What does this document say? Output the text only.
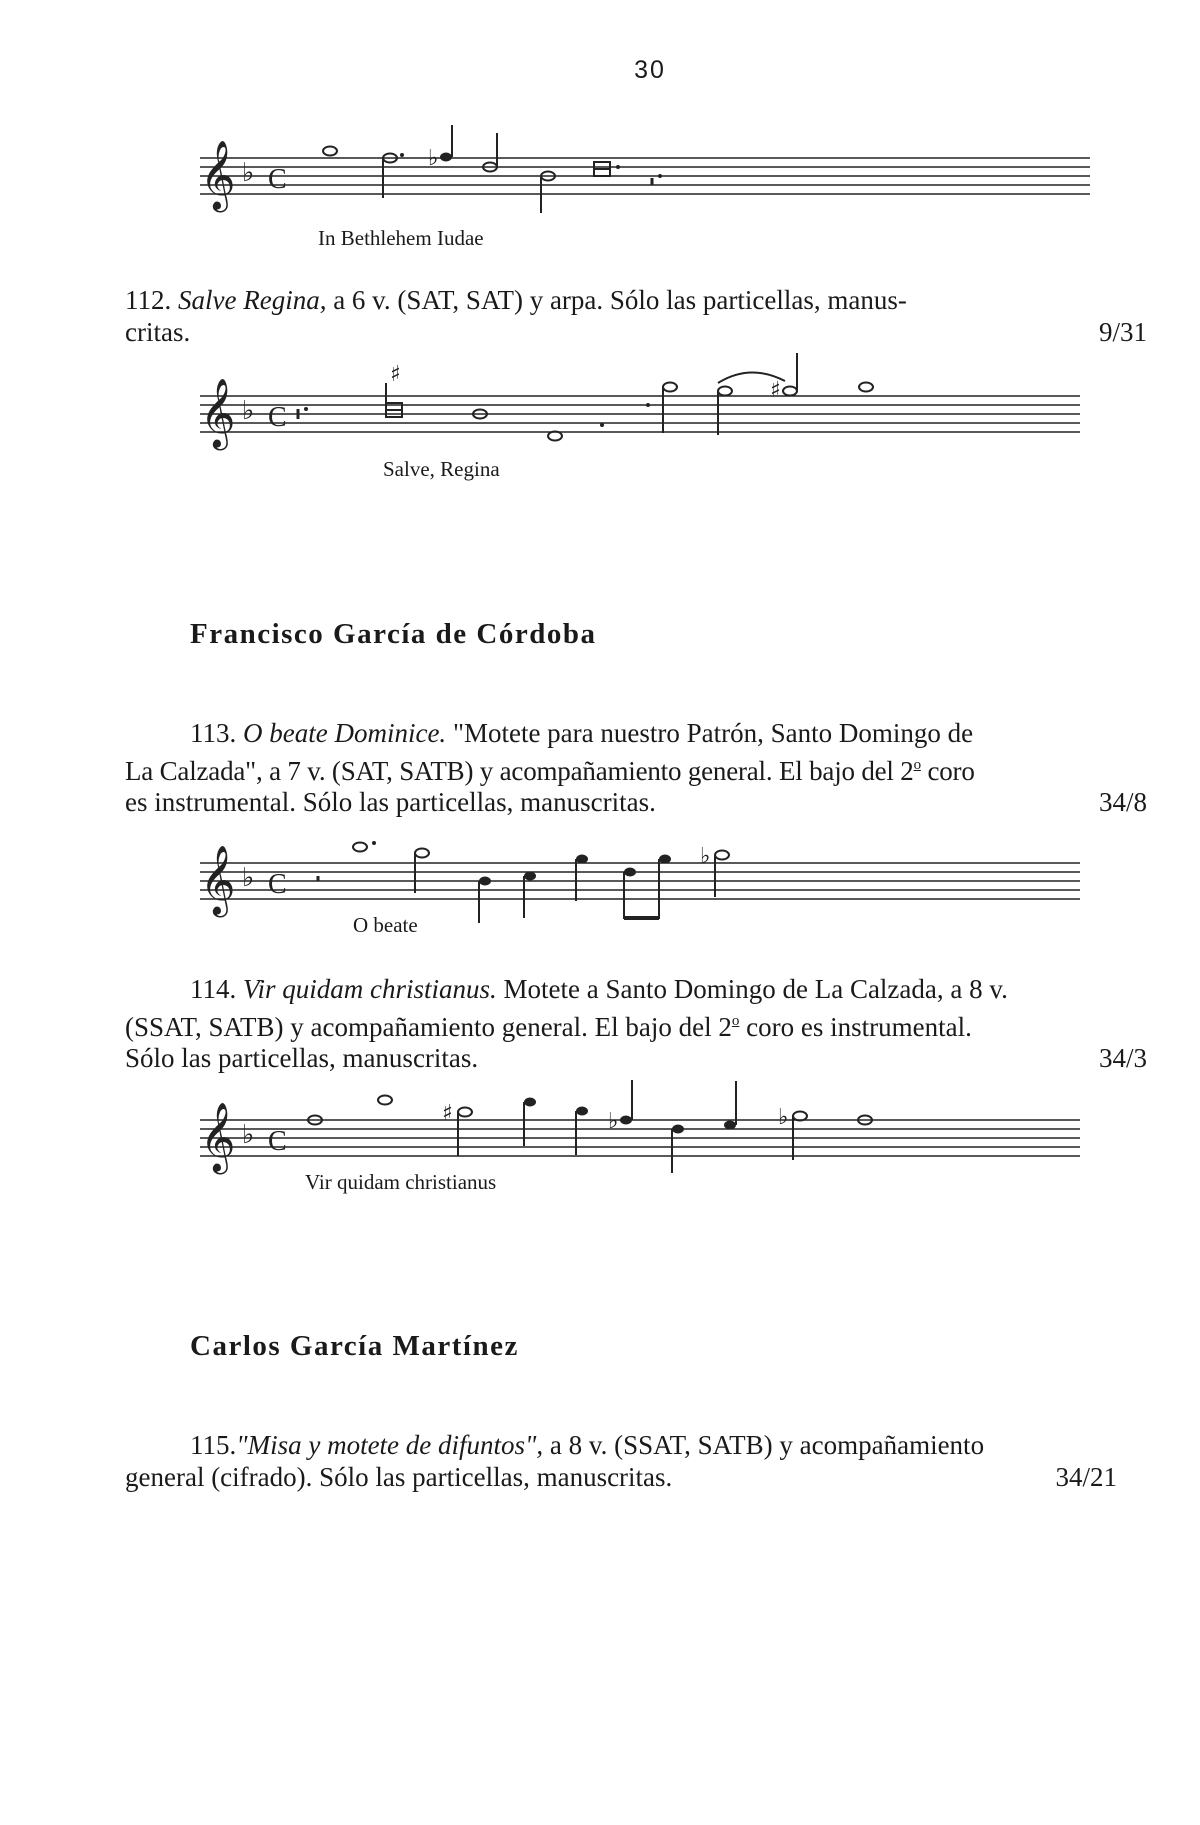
30
𝄞 ♭ C
♭
In Bethlehem Iudae
112. Salve Regina, a 6 v. (SAT, SAT) y arpa. Sólo las particellas, manus-
critas.	9/31
𝄞 ♭ C
♯
♯
Salve, Regina
Francisco García de Córdoba
113. O beate Dominice. "Motete para nuestro Patrón, Santo Domingo de
La Calzada", a 7 v. (SAT, SATB) y acompañamiento general. El bajo del 2$^o$ coro
es instrumental. Sólo las particellas, manuscritas.	34/8
𝄞 ♭ C
♭
O beate
114. Vir quidam christianus. Motete a Santo Domingo de La Calzada, a 8 v.
(SSAT, SATB) y acompañamiento general. El bajo del 2$^o$ coro es instrumental.
Sólo las particellas, manuscritas.	34/3
𝄞 ♭ C
♯	♭	♭
Vir quidam christianus
Carlos García Martínez
115."Misa y motete de difuntos", a 8 v. (SSAT, SATB) y acompañamiento
general (cifrado). Sólo las particellas, manuscritas.	34/21
